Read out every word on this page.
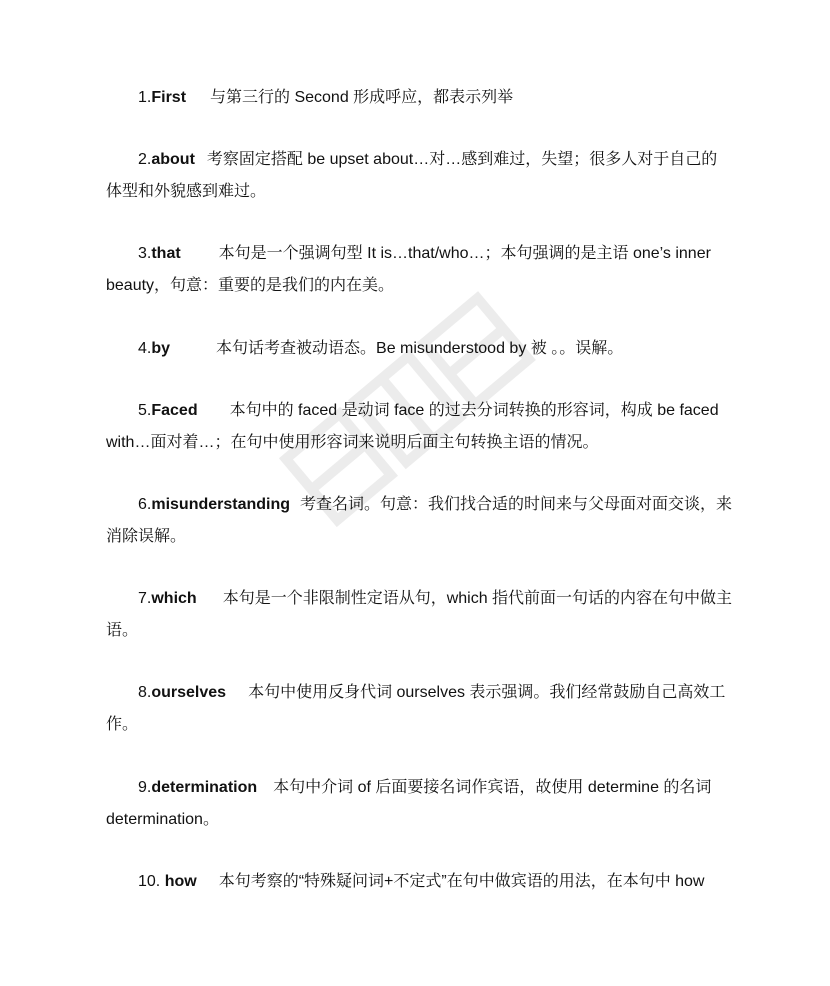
1.First 与第三行的 Second 形成呼应，都表示列举
2.about 考察固定搭配 be upset about…对…感到难过，失望；很多人对于自己的
体型和外貌感到难过。
3.that 本句是一个强调句型 It is…that/who…；本句强调的是主语 one’s inner
beauty，句意：重要的是我们的内在美。
4.by	本句话考查被动语态。Be misunderstood by 被 。。误解。
5.Faced 本句中的 faced 是动词 face 的过去分词转换的形容词，构成 be faced
with…面对着…；在句中使用形容词来说明后面主句转换主语的情况。
6.misunderstanding 考查名词。句意：我们找合适的时间来与父母面对面交谈，来
消除误解。
7.which 本句是一个非限制性定语从句，which 指代前面一句话的内容在句中做主
语。
8.ourselves 本句中使用反身代词 ourselves 表示强调。我们经常鼓励自己高效工
作。
9.determination 本句中介词 of 后面要接名词作宾语，故使用 determine 的名词
determination。
10. how 本句考察的“特殊疑问词+不定式”在句中做宾语的用法，在本句中 how
